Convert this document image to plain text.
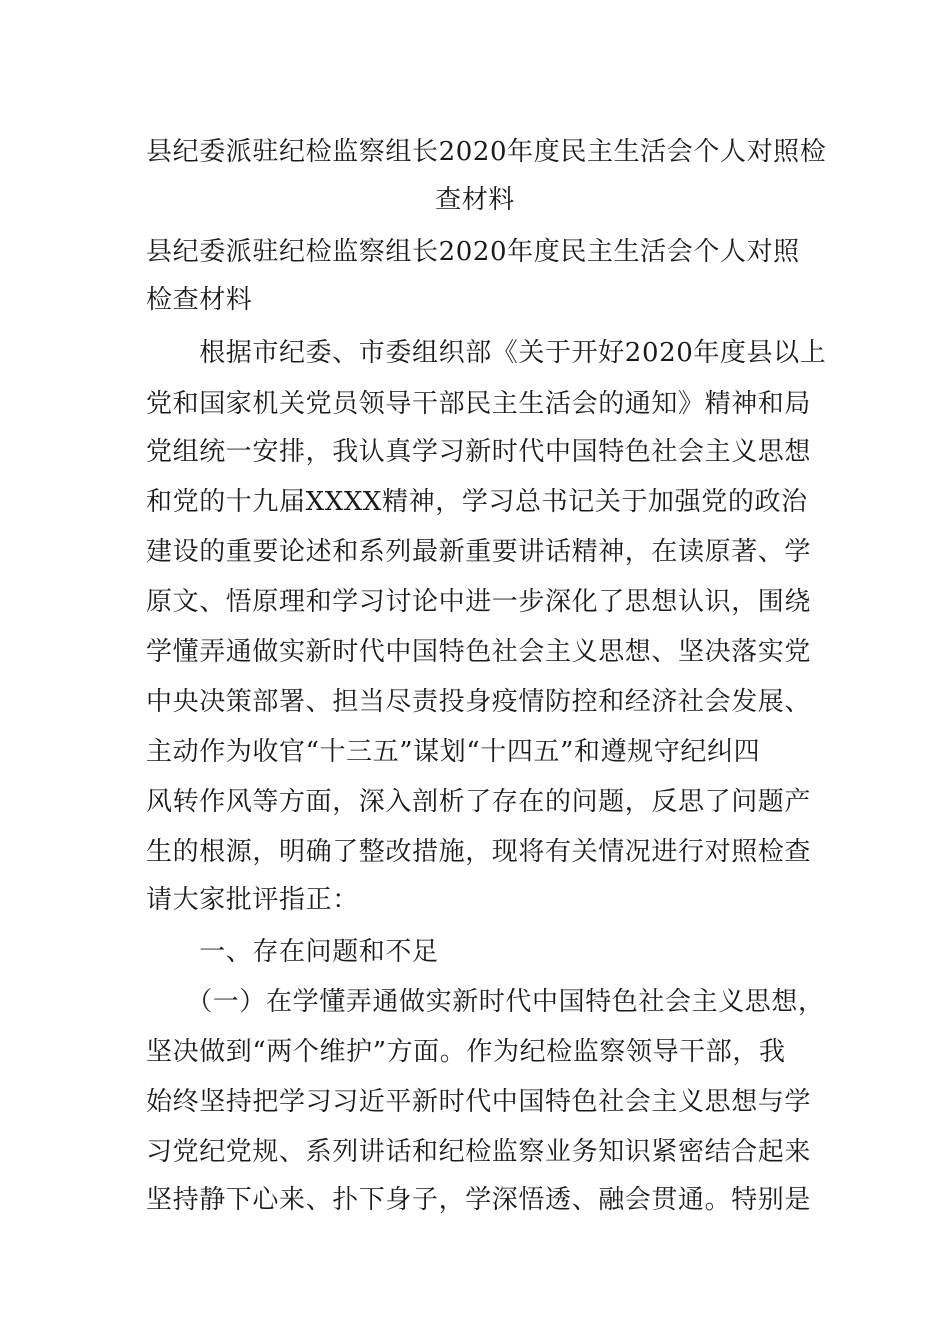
县纪委派驻纪检监察组长2020年度民主生活会个人对照检
查材料
县纪委派驻纪检监察组长2020年度民主生活会个人对照
检查材料
　　根据市纪委、市委组织部《关于开好2020年度县以上
党和国家机关党员领导干部民主生活会的通知》精神和局
党组统一安排，我认真学习新时代中国特色社会主义思想
和党的十九届XXXX精神，学习总书记关于加强党的政治
建设的重要论述和系列最新重要讲话精神，在读原著、学
原文、悟原理和学习讨论中进一步深化了思想认识，围绕
学懂弄通做实新时代中国特色社会主义思想、坚决落实党
中央决策部署、担当尽责投身疫情防控和经济社会发展、
主动作为收官“十三五”谋划“十四五”和遵规守纪纠四
风转作风等方面，深入剖析了存在的问题，反思了问题产
生的根源，明确了整改措施，现将有关情况进行对照检查
请大家批评指正：
　　一、存在问题和不足
　　（一）在学懂弄通做实新时代中国特色社会主义思想，
坚决做到“两个维护”方面。作为纪检监察领导干部，我
始终坚持把学习习近平新时代中国特色社会主义思想与学
习党纪党规、系列讲话和纪检监察业务知识紧密结合起来
坚持静下心来、扑下身子，学深悟透、融会贯通。特别是
